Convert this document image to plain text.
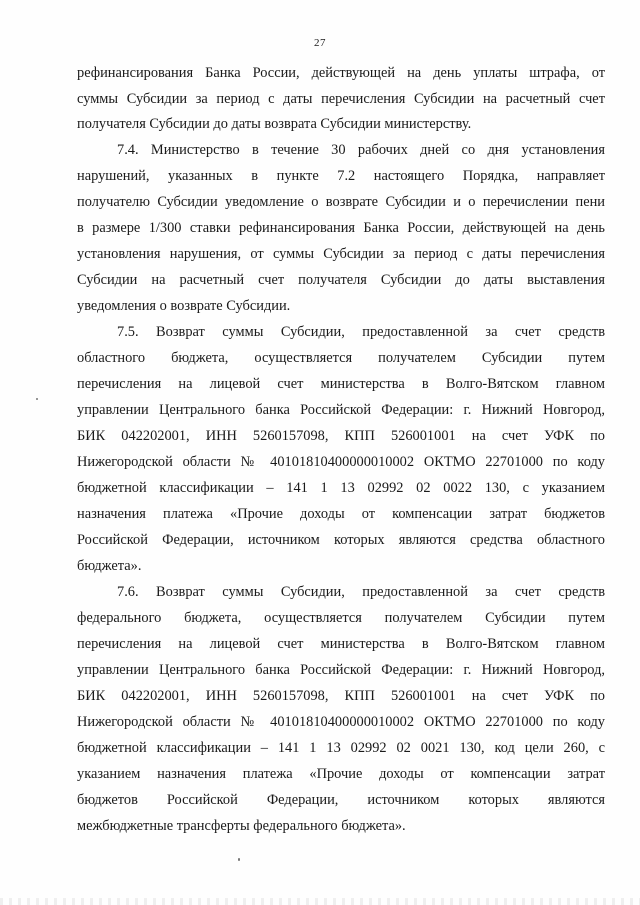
27
рефинансирования Банка России, действующей на день уплаты штрафа, от
суммы Субсидии за период с даты перечисления Субсидии на расчетный счет
получателя Субсидии до даты возврата Субсидии министерству.
7.4. Министерство в течение 30 рабочих дней со дня установления
нарушений, указанных в пункте 7.2 настоящего Порядка, направляет
получателю Субсидии уведомление о возврате Субсидии и о перечислении пени
в размере 1/300 ставки рефинансирования Банка России, действующей на день
установления нарушения, от суммы Субсидии за период с даты перечисления
Субсидии на расчетный счет получателя Субсидии до даты выставления
уведомления о возврате Субсидии.
7.5. Возврат суммы Субсидии, предоставленной за счет средств
областного бюджета, осуществляется получателем Субсидии путем
перечисления на лицевой счет министерства в Волго-Вятском главном
управлении Центрального банка Российской Федерации: г. Нижний Новгород,
БИК 042202001, ИНН 5260157098, КПП 526001001 на счет УФК по
Нижегородской области № 40101810400000010002 ОКТМО 22701000 по коду
бюджетной классификации – 141 1 13 02992 02 0022 130, с указанием
назначения платежа «Прочие доходы от компенсации затрат бюджетов
Российской Федерации, источником которых являются средства областного
бюджета».
7.6. Возврат суммы Субсидии, предоставленной за счет средств
федерального бюджета, осуществляется получателем Субсидии путем
перечисления на лицевой счет министерства в Волго-Вятском главном
управлении Центрального банка Российской Федерации: г. Нижний Новгород,
БИК 042202001, ИНН 5260157098, КПП 526001001 на счет УФК по
Нижегородской области № 40101810400000010002 ОКТМО 22701000 по коду
бюджетной классификации – 141 1 13 02992 02 0021 130, код цели 260, с
указанием назначения платежа «Прочие доходы от компенсации затрат
бюджетов Российской Федерации, источником которых являются
межбюджетные трансферты федерального бюджета».
